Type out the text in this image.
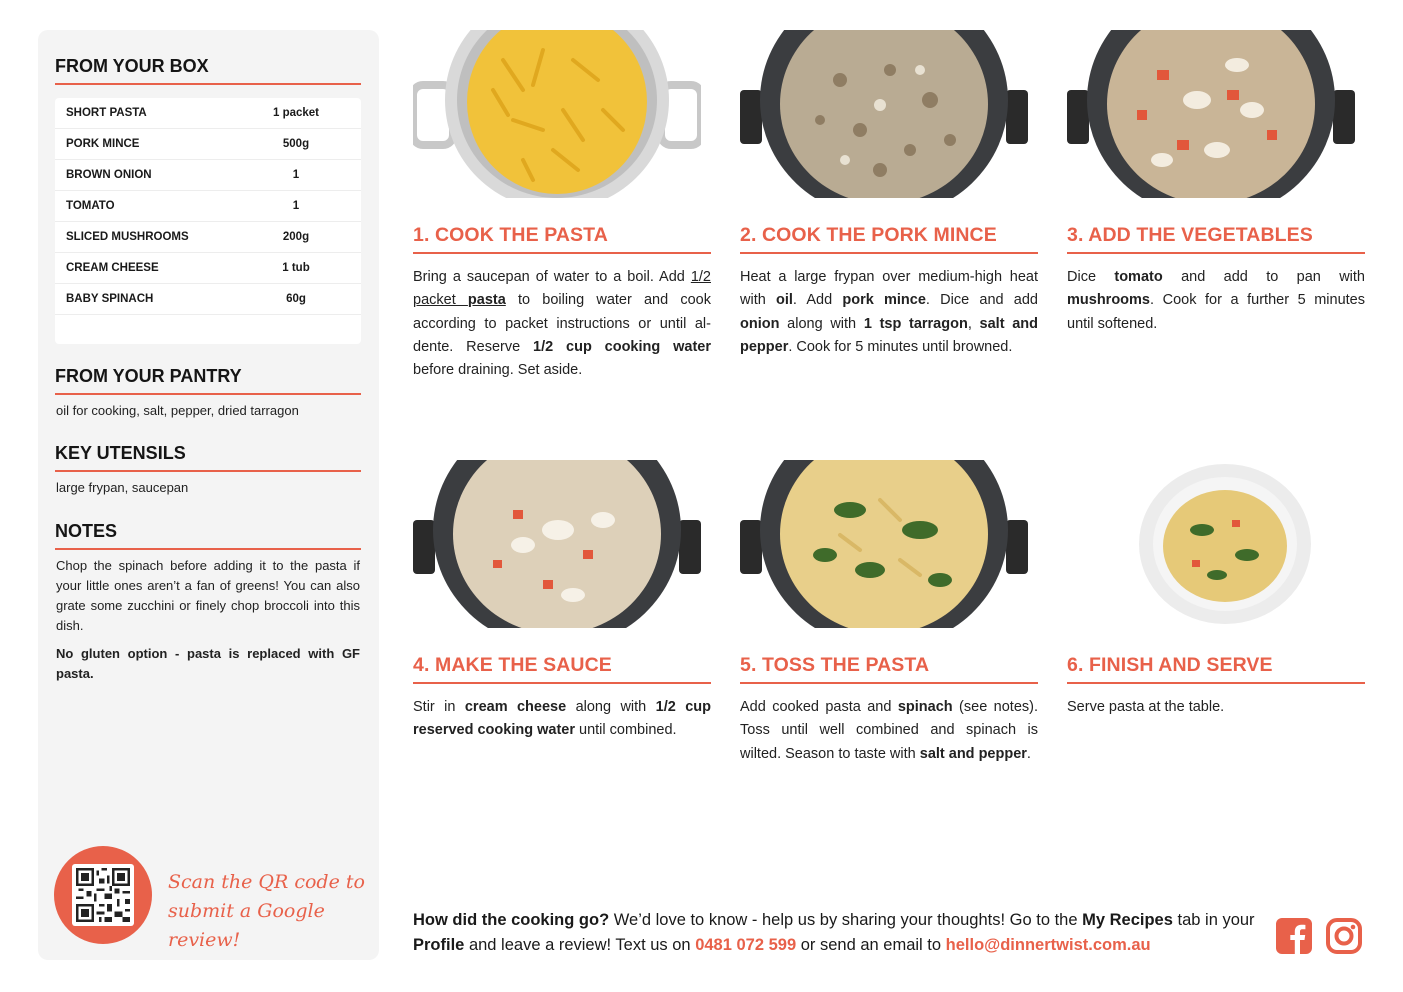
FROM YOUR BOX
SHORT PASTA	1 packet
PORK MINCE	500g
BROWN ONION	1
TOMATO	1
SLICED MUSHROOMS	200g
CREAM CHEESE	1 tub
BABY SPINACH	60g
FROM YOUR PANTRY
oil for cooking, salt, pepper, dried tarragon
KEY UTENSILS
large frypan, saucepan
NOTES
Chop the spinach before adding it to the pasta if your little ones aren’t a fan of greens! You can also grate some zucchini or finely chop broccoli into this dish.
No gluten option - pasta is replaced with GF pasta.
Scan the QR code to
submit a Google review!
1. COOK THE PASTA
Bring a saucepan of water to a boil. Add 1/2 packet pasta to boiling water and cook according to packet instructions or until al-dente. Reserve 1/2 cup cooking water before draining. Set aside.
2. COOK THE PORK MINCE
Heat a large frypan over medium-high heat with oil. Add pork mince. Dice and add onion along with 1 tsp tarragon, salt and pepper. Cook for 5 minutes until browned.
3. ADD THE VEGETABLES
Dice tomato and add to pan with mushrooms. Cook for a further 5 minutes until softened.
4. MAKE THE SAUCE
Stir in cream cheese along with 1/2 cup reserved cooking water until combined.
5. TOSS THE PASTA
Add cooked pasta and spinach (see notes). Toss until well combined and spinach is wilted. Season to taste with salt and pepper.
6. FINISH AND SERVE
Serve pasta at the table.
How did the cooking go? We’d love to know - help us by sharing your thoughts! Go to the My Recipes tab in your Profile and leave a review! Text us on 0481 072 599 or send an email to hello@dinnertwist.com.au
